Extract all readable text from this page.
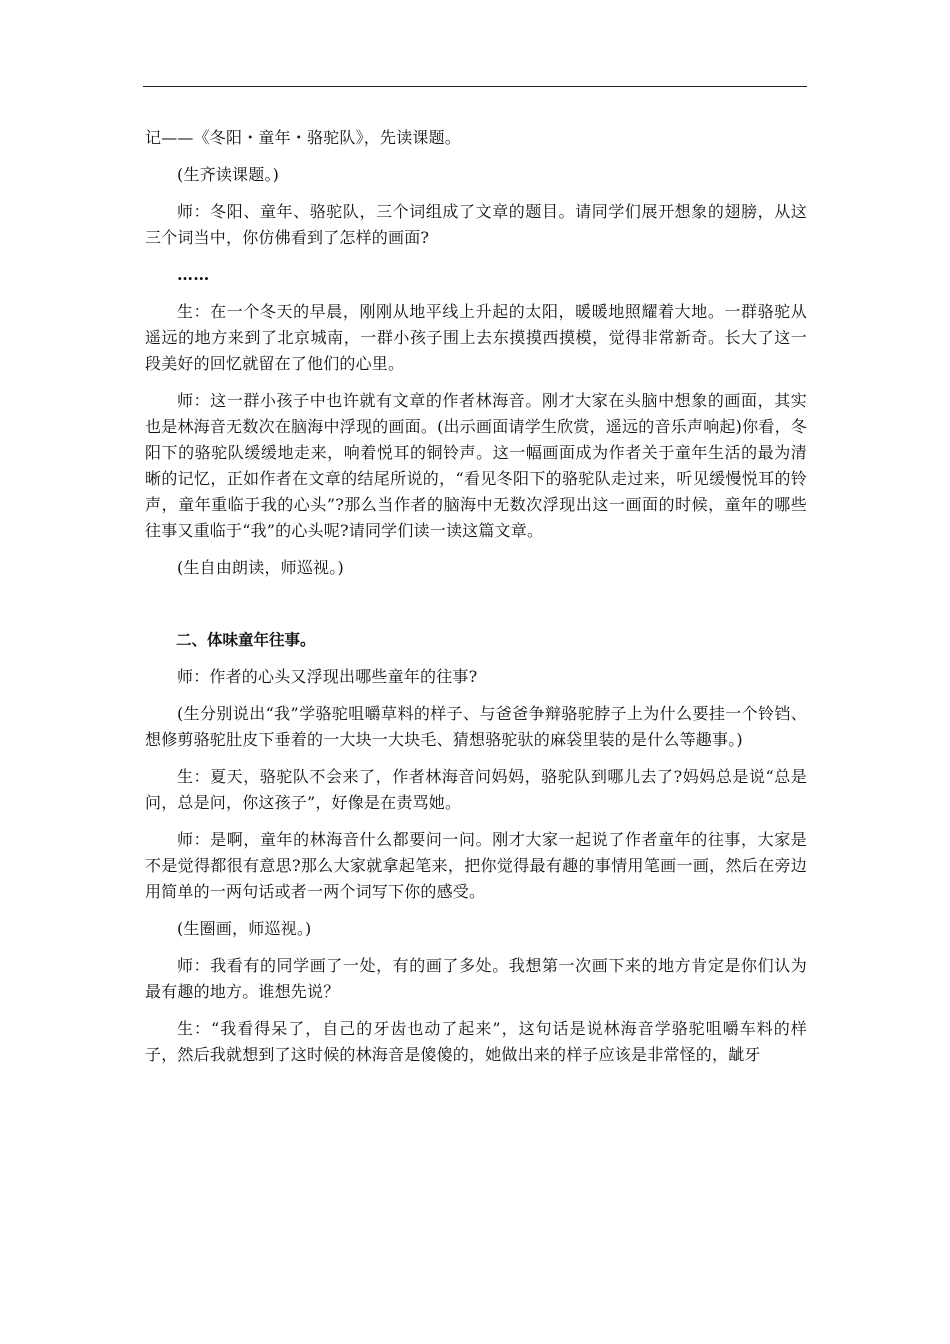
记——《冬阳・童年・骆驼队》，先读课题。

(生齐读课题。)

师：冬阳、童年、骆驼队，三个词组成了文章的题目。请同学们展开想象的翅膀，从这三个词当中，你仿佛看到了怎样的画面?

……

生：在一个冬天的早晨，刚刚从地平线上升起的太阳，暖暖地照耀着大地。一群骆驼从遥远的地方来到了北京城南，一群小孩子围上去东摸摸西摸模，觉得非常新奇。长大了这一段美好的回忆就留在了他们的心里。

师：这一群小孩子中也许就有文章的作者林海音。刚才大家在头脑中想象的画面，其实也是林海音无数次在脑海中浮现的画面。(出示画面请学生欣赏，遥远的音乐声响起)你看，冬阳下的骆驼队缓缓地走来，响着悦耳的铜铃声。这一幅画面成为作者关于童年生活的最为清晰的记忆，正如作者在文章的结尾所说的，“看见冬阳下的骆驼队走过来，听见缓慢悦耳的铃声，童年重临于我的心头”?那么当作者的脑海中无数次浮现出这一画面的时候，童年的哪些往事又重临于“我”的心头呢?请同学们读一读这篇文章。

(生自由朗读，师巡视。)

二、体味童年往事。

师：作者的心头又浮现出哪些童年的往事?

(生分别说出“我”学骆驼咀嚼草料的样子、与爸爸争辩骆驼脖子上为什么要挂一个铃铛、想修剪骆驼肚皮下垂着的一大块一大块毛、猜想骆驼驮的麻袋里装的是什么等趣事。)

生：夏天，骆驼队不会来了，作者林海音问妈妈，骆驼队到哪儿去了?妈妈总是说“总是问，总是问，你这孩子”，好像是在责骂她。

师：是啊，童年的林海音什么都要问一问。刚才大家一起说了作者童年的往事，大家是不是觉得都很有意思?那么大家就拿起笔来，把你觉得最有趣的事情用笔画一画，然后在旁边用简单的一两句话或者一两个词写下你的感受。

(生圈画，师巡视。)

师：我看有的同学画了一处，有的画了多处。我想第一次画下来的地方肯定是你们认为最有趣的地方。谁想先说？

生：“我看得呆了，自己的牙齿也动了起来”，这句话是说林海音学骆驼咀嚼车料的样子，然后我就想到了这时候的林海音是傻傻的，她做出来的样子应该是非常怪的，龇牙
